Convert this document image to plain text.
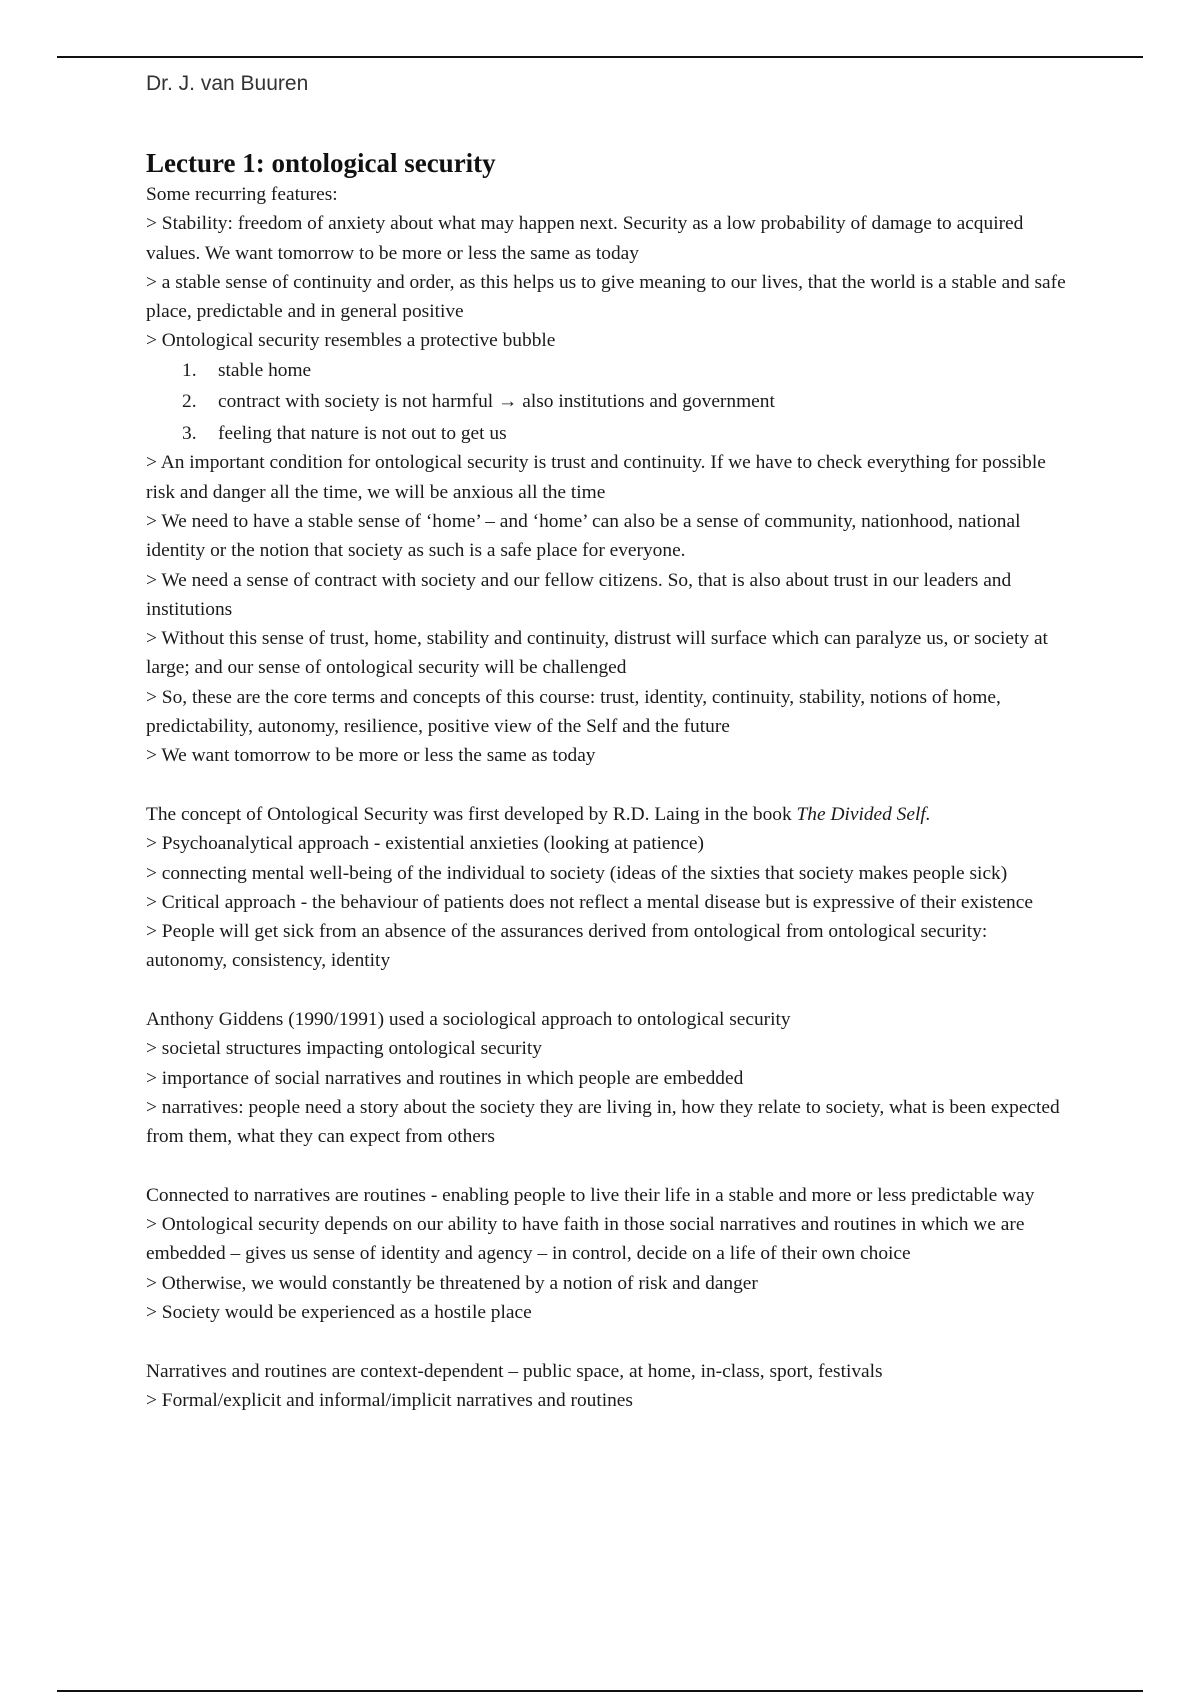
Dr. J. van Buuren
Lecture 1: ontological security

Some recurring features:

> Stability: freedom of anxiety about what may happen next. Security as a low probability of damage to acquired values. We want tomorrow to be more or less the same as today

> a stable sense of continuity and order, as this helps us to give meaning to our lives, that the world is a stable and safe place, predictable and in general positive

> Ontological security resembles a protective bubble

1. stable home
2. contract with society is not harmful → also institutions and government
3. feeling that nature is not out to get us

> An important condition for ontological security is trust and continuity. If we have to check everything for possible risk and danger all the time, we will be anxious all the time

> We need to have a stable sense of ‘home’ – and ‘home’ can also be a sense of community, nationhood, national identity or the notion that society as such is a safe place for everyone.

> We need a sense of contract with society and our fellow citizens. So, that is also about trust in our leaders and institutions

> Without this sense of trust, home, stability and continuity, distrust will surface which can paralyze us, or society at large; and our sense of ontological security will be challenged

> So, these are the core terms and concepts of this course: trust, identity, continuity, stability, notions of home, predictability, autonomy, resilience, positive view of the Self and the future

> We want tomorrow to be more or less the same as today

The concept of Ontological Security was first developed by R.D. Laing in the book The Divided Self.

> Psychoanalytical approach - existential anxieties (looking at patience)

> connecting mental well-being of the individual to society (ideas of the sixties that society makes people sick)

> Critical approach - the behaviour of patients does not reflect a mental disease but is expressive of their existence

> People will get sick from an absence of the assurances derived from ontological from ontological security: autonomy, consistency, identity

Anthony Giddens (1990/1991) used a sociological approach to ontological security

> societal structures impacting ontological security

> importance of social narratives and routines in which people are embedded

> narratives: people need a story about the society they are living in, how they relate to society, what is been expected from them, what they can expect from others

Connected to narratives are routines - enabling people to live their life in a stable and more or less predictable way

> Ontological security depends on our ability to have faith in those social narratives and routines in which we are embedded – gives us sense of identity and agency – in control, decide on a life of their own choice

> Otherwise, we would constantly be threatened by a notion of risk and danger

> Society would be experienced as a hostile place

Narratives and routines are context-dependent – public space, at home, in-class, sport, festivals

> Formal/explicit and informal/implicit narratives and routines
